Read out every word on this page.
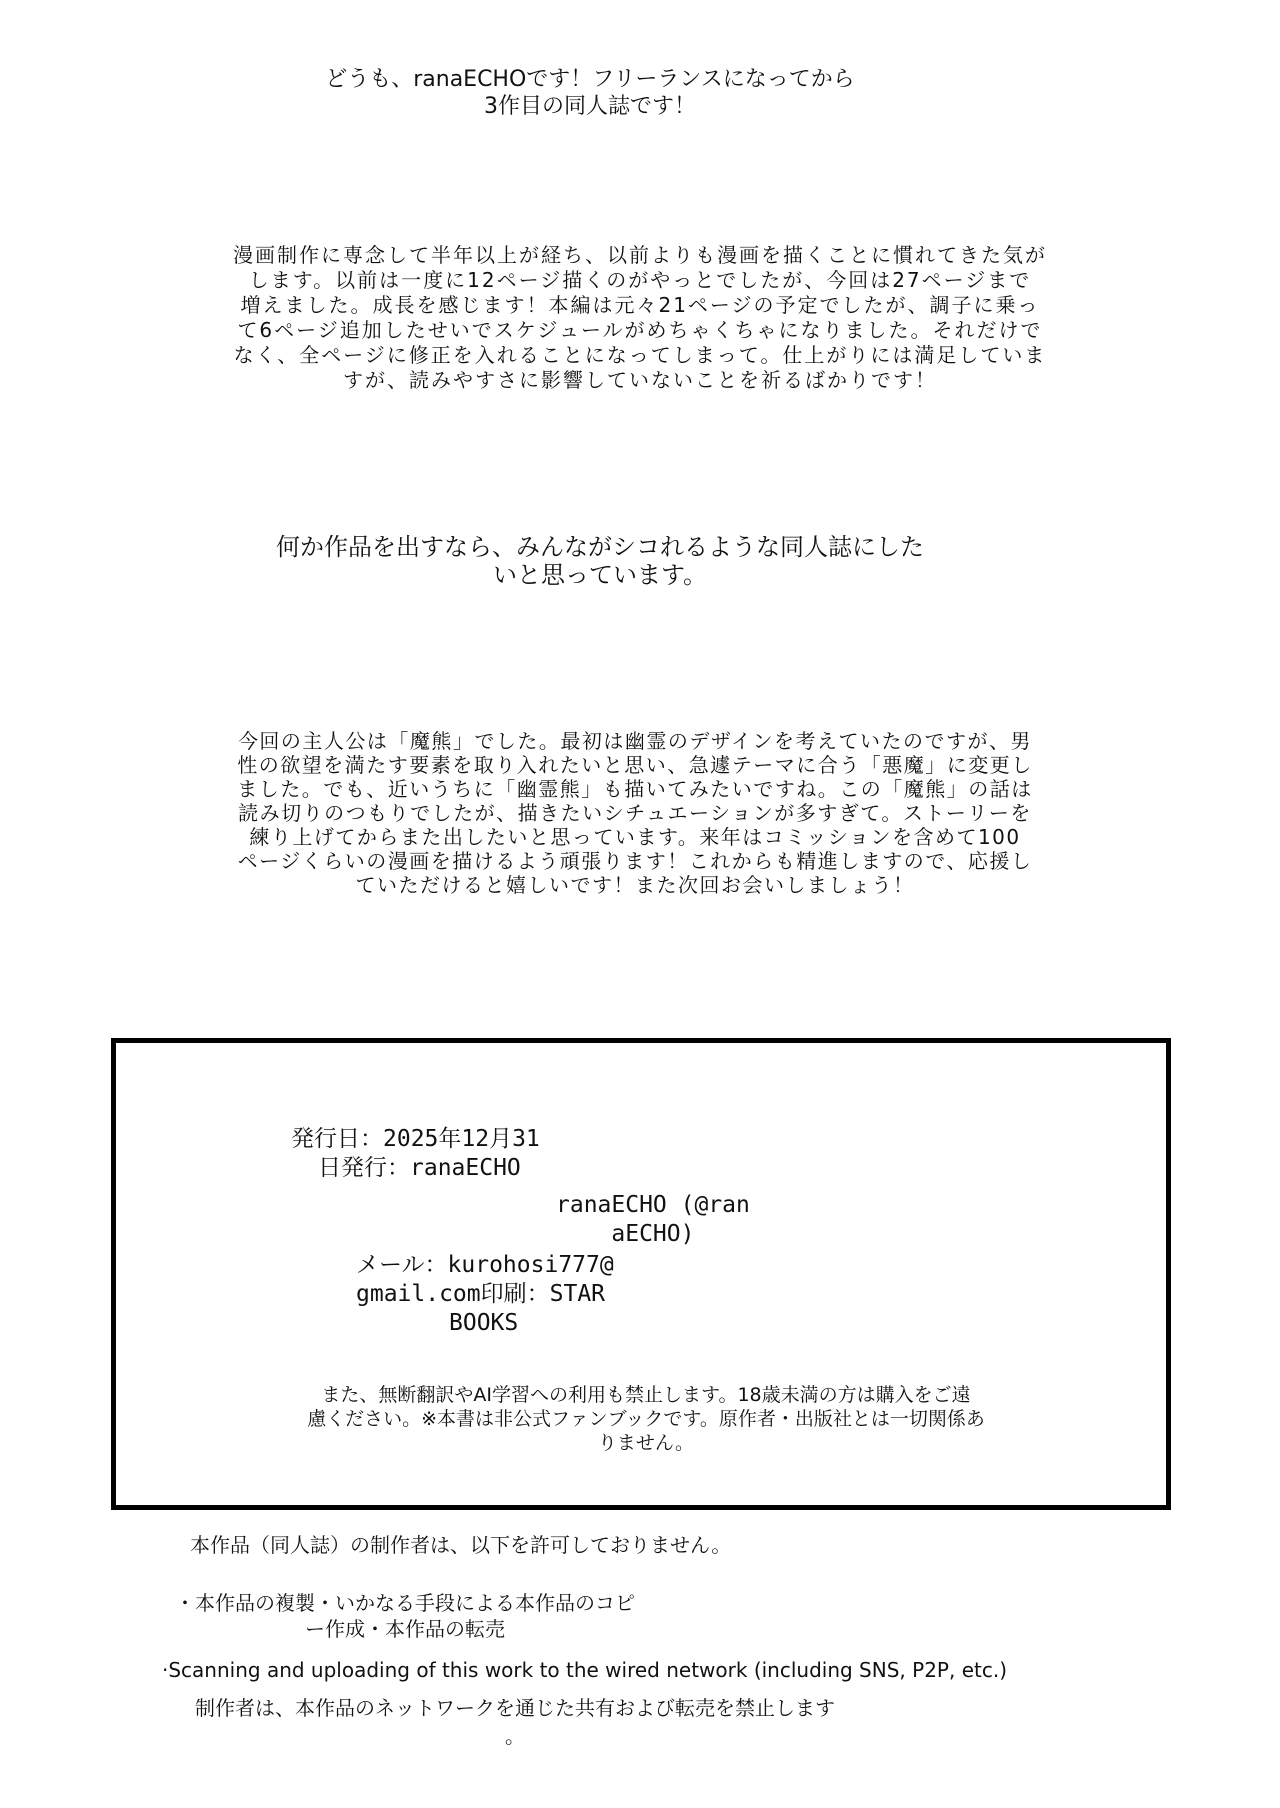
どうも、ranaECHOです！フリーランスになってから
3作目の同人誌です！
漫画制作に専念して半年以上が経ち、以前よりも漫画を描くことに慣れてきた気が
します。以前は一度に12ページ描くのがやっとでしたが、今回は27ページまで
増えました。成長を感じます！本編は元々21ページの予定でしたが、調子に乗っ
て6ページ追加したせいでスケジュールがめちゃくちゃになりました。それだけで
なく、全ページに修正を入れることになってしまって。仕上がりには満足していま
すが、読みやすさに影響していないことを祈るばかりです！
何か作品を出すなら、みんながシコれるような同人誌にした
いと思っています。
今回の主人公は「魔熊」でした。最初は幽霊のデザインを考えていたのですが、男
性の欲望を満たす要素を取り入れたいと思い、急遽テーマに合う「悪魔」に変更し
ました。でも、近いうちに「幽霊熊」も描いてみたいですね。この「魔熊」の話は
読み切りのつもりでしたが、描きたいシチュエーションが多すぎて。ストーリーを
練り上げてからまた出したいと思っています。来年はコミッションを含めて100
ページくらいの漫画を描けるよう頑張ります！これからも精進しますので、応援し
ていただけると嬉しいです！また次回お会いしましょう！
発行日：2025年12月31
日発行：ranaECHO
ranaECHO (@ran
aECHO)
メール：kurohosi777@
gmail.com印刷：STAR
BOOKS
また、無断翻訳やAI学習への利用も禁止します。18歳未満の方は購入をご遠
慮ください。※本書は非公式ファンブックです。原作者・出版社とは一切関係あ
りません。
本作品（同人誌）の制作者は、以下を許可しておりません。
・本作品の複製・いかなる手段による本作品のコピ
ー作成・本作品の転売
·Scanning and uploading of this work to the wired network (including SNS, P2P, etc.)
制作者は、本作品のネットワークを通じた共有および転売を禁止します
。
